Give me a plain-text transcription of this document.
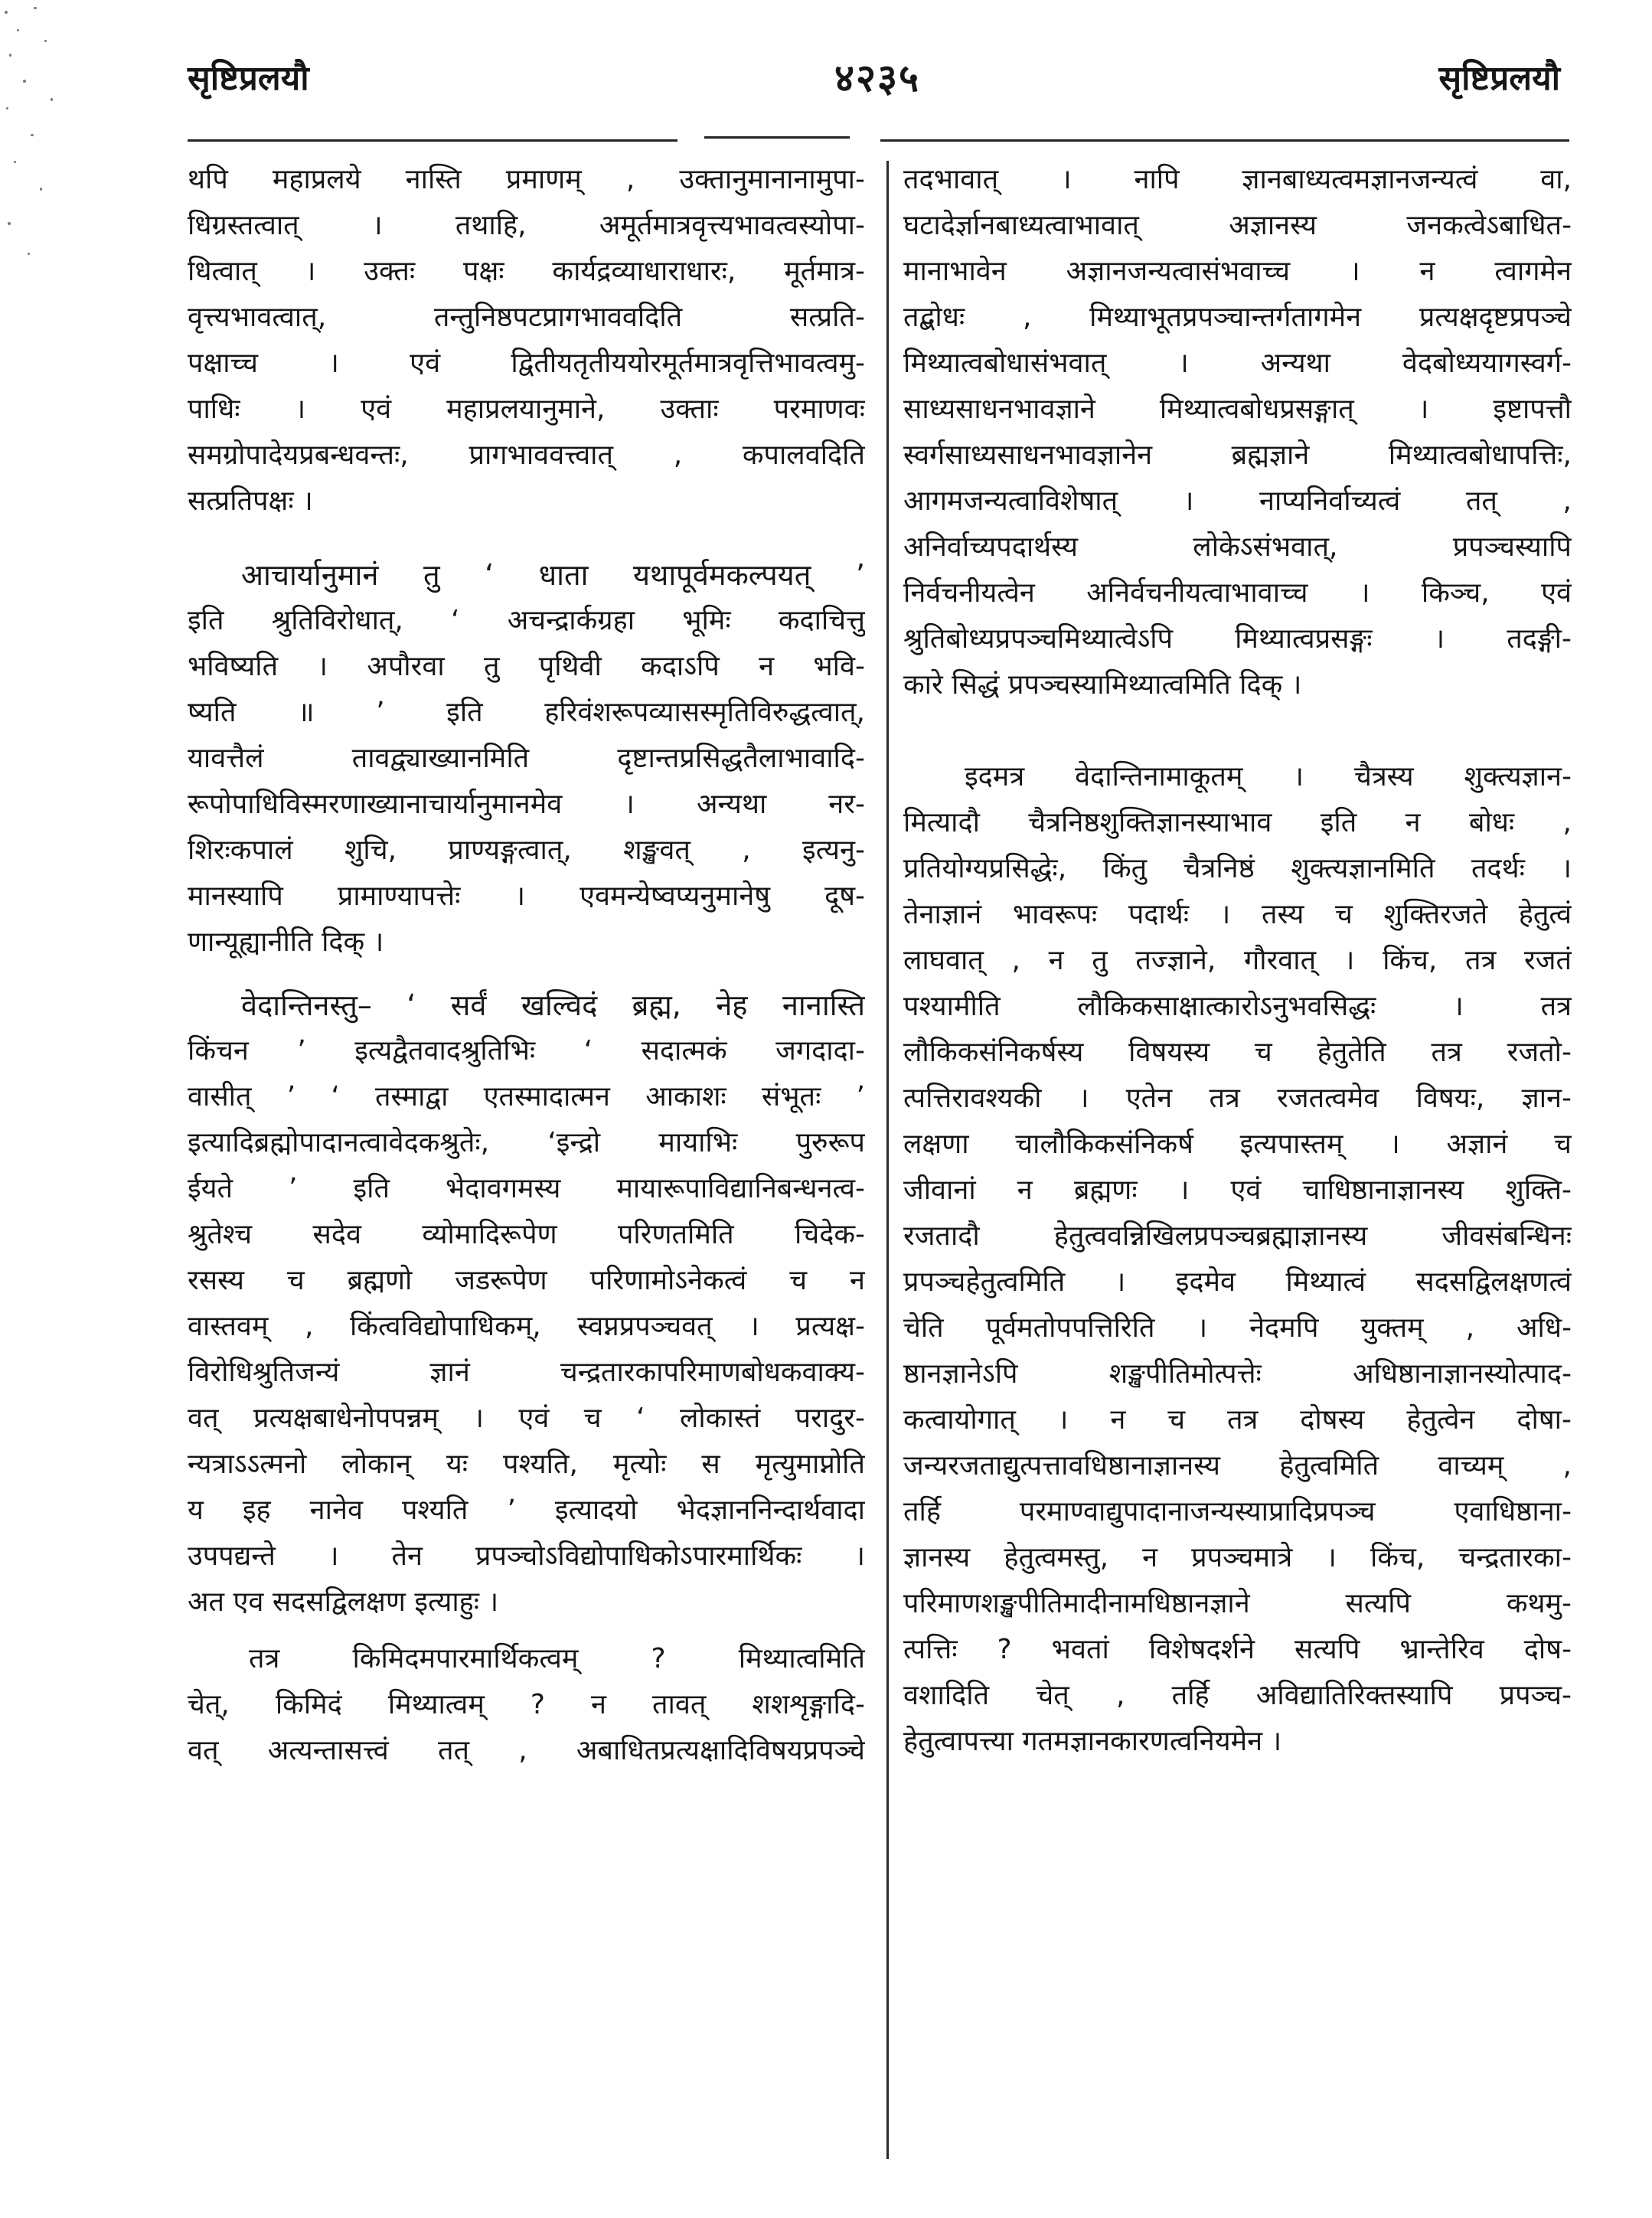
सृष्टिप्रलयौ	४२३५	सृष्टिप्रलयौ
थपि महाप्रलये नास्ति प्रमाणम् , उक्तानुमानानामुपा-
धिग्रस्तत्वात् । तथाहि, अमूर्तमात्रवृत्त्यभावत्वस्योपा-
धित्वात् । उक्तः पक्षः कार्यद्रव्याधाराधारः, मूर्तमात्र-
वृत्त्यभावत्वात्, तन्तुनिष्ठपटप्रागभाववदिति सत्प्रति-
पक्षाच्च । एवं द्वितीयतृतीययोरमूर्तमात्रवृत्तिभावत्वमु-
पाधिः । एवं महाप्रलयानुमाने, उक्ताः परमाणवः
समग्रोपादेयप्रबन्धवन्तः, प्रागभाववत्त्वात् , कपालवदिति
सत्प्रतिपक्षः ।
आचार्यानुमानं तु ‘ धाता यथापूर्वमकल्पयत् ’
इति श्रुतिविरोधात्, ‘ अचन्द्रार्कग्रहा भूमिः कदाचित्तु
भविष्यति । अपौरवा तु पृथिवी कदाऽपि न भवि-
ष्यति ॥ ’ इति हरिवंशरूपव्यासस्मृतिविरुद्धत्वात्,
यावत्तैलं तावद्व्याख्यानमिति दृष्टान्तप्रसिद्धतैलाभावादि-
रूपोपाधिविस्मरणाख्यानाचार्यानुमानमेव । अन्यथा नर-
शिरःकपालं शुचि, प्राण्यङ्गत्वात्, शङ्खवत् , इत्यनु-
मानस्यापि प्रामाण्यापत्तेः । एवमन्येष्वप्यनुमानेषु दूष-
णान्यूह्यानीति दिक् ।
वेदान्तिनस्तु– ‘ सर्वं खल्विदं ब्रह्म, नेह नानास्ति
किंचन ’ इत्यद्वैतवादश्रुतिभिः ‘ सदात्मकं जगदादा-
वासीत् ’ ‘ तस्माद्वा एतस्मादात्मन आकाशः संभूतः ’
इत्यादिब्रह्मोपादानत्वावेदकश्रुतेः, ‘इन्द्रो मायाभिः पुरुरूप
ईयते ’ इति भेदावगमस्य मायारूपाविद्यानिबन्धनत्व-
श्रुतेश्च सदेव व्योमादिरूपेण परिणतमिति चिदेक-
रसस्य च ब्रह्मणो जडरूपेण परिणामोऽनेकत्वं च न
वास्तवम् , किंत्वविद्योपाधिकम्, स्वप्नप्रपञ्चवत् । प्रत्यक्ष-
विरोधिश्रुतिजन्यं ज्ञानं चन्द्रतारकापरिमाणबोधकवाक्य-
वत् प्रत्यक्षबाधेनोपपन्नम् । एवं च ‘ लोकास्तं परादुर-
न्यत्राऽऽत्मनो लोकान् यः पश्यति, मृत्योः स मृत्युमाप्नोति
य इह नानेव पश्यति ’ इत्यादयो भेदज्ञाननिन्दार्थवादा
उपपद्यन्ते । तेन प्रपञ्चोऽविद्योपाधिकोऽपारमार्थिकः ।
अत एव सदसद्विलक्षण इत्याहुः ।
तत्र किमिदमपारमार्थिकत्वम् ? मिथ्यात्वमिति
चेत्, किमिदं मिथ्यात्वम् ? न तावत् शशशृङ्गादि-
वत् अत्यन्तासत्त्वं तत् , अबाधितप्रत्यक्षादिविषयप्रपञ्चे
तदभावात् । नापि ज्ञानबाध्यत्वमज्ञानजन्यत्वं वा,
घटादेर्ज्ञानबाध्यत्वाभावात् अज्ञानस्य जनकत्वेऽबाधित-
मानाभावेन अज्ञानजन्यत्वासंभवाच्च । न त्वागमेन
तद्बोधः , मिथ्याभूतप्रपञ्चान्तर्गतागमेन प्रत्यक्षदृष्टप्रपञ्चे
मिथ्यात्वबोधासंभवात् । अन्यथा वेदबोध्ययागस्वर्ग-
साध्यसाधनभावज्ञाने मिथ्यात्वबोधप्रसङ्गात् । इष्टापत्तौ
स्वर्गसाध्यसाधनभावज्ञानेन ब्रह्मज्ञाने मिथ्यात्वबोधापत्तिः,
आगमजन्यत्वाविशेषात् । नाप्यनिर्वाच्यत्वं तत् ,
अनिर्वाच्यपदार्थस्य लोकेऽसंभवात्, प्रपञ्चस्यापि
निर्वचनीयत्वेन अनिर्वचनीयत्वाभावाच्च । किञ्च, एवं
श्रुतिबोध्यप्रपञ्चमिथ्यात्वेऽपि मिथ्यात्वप्रसङ्गः । तदङ्गी-
कारे सिद्धं प्रपञ्चस्यामिथ्यात्वमिति दिक् ।
इदमत्र वेदान्तिनामाकूतम् । चैत्रस्य शुक्त्यज्ञान-
मित्यादौ चैत्रनिष्ठशुक्तिज्ञानस्याभाव इति न बोधः ,
प्रतियोग्यप्रसिद्धेः, किंतु चैत्रनिष्ठं शुक्त्यज्ञानमिति तदर्थः ।
तेनाज्ञानं भावरूपः पदार्थः । तस्य च शुक्तिरजते हेतुत्वं
लाघवात् , न तु तज्ज्ञाने, गौरवात् । किंच, तत्र रजतं
पश्यामीति लौकिकसाक्षात्कारोऽनुभवसिद्धः । तत्र
लौकिकसंनिकर्षस्य विषयस्य च हेतुतेति तत्र रजतो-
त्पत्तिरावश्यकी । एतेन तत्र रजतत्वमेव विषयः, ज्ञान-
लक्षणा चालौकिकसंनिकर्ष इत्यपास्तम् । अज्ञानं च
जीवानां न ब्रह्मणः । एवं चाधिष्ठानाज्ञानस्य शुक्ति-
रजतादौ हेतुत्ववन्निखिलप्रपञ्चब्रह्माज्ञानस्य जीवसंबन्धिनः
प्रपञ्चहेतुत्वमिति । इदमेव मिथ्यात्वं सदसद्विलक्षणत्वं
चेति पूर्वमतोपपत्तिरिति । नेदमपि युक्तम् , अधि-
ष्ठानज्ञानेऽपि शङ्खपीतिमोत्पत्तेः अधिष्ठानाज्ञानस्योत्पाद-
कत्वायोगात् । न च तत्र दोषस्य हेतुत्वेन दोषा-
जन्यरजताद्युत्पत्तावधिष्ठानाज्ञानस्य हेतुत्वमिति वाच्यम् ,
तर्हि परमाण्वाद्युपादानाजन्यस्याप्रादिप्रपञ्च एवाधिष्ठाना-
ज्ञानस्य हेतुत्वमस्तु, न प्रपञ्चमात्रे । किंच, चन्द्रतारका-
परिमाणशङ्खपीतिमादीनामधिष्ठानज्ञाने सत्यपि कथमु-
त्पत्तिः ? भवतां विशेषदर्शने सत्यपि भ्रान्तेरिव दोष-
वशादिति चेत् , तर्हि अविद्यातिरिक्तस्यापि प्रपञ्च-
हेतुत्वापत्त्या गतमज्ञानकारणत्वनियमेन ।
